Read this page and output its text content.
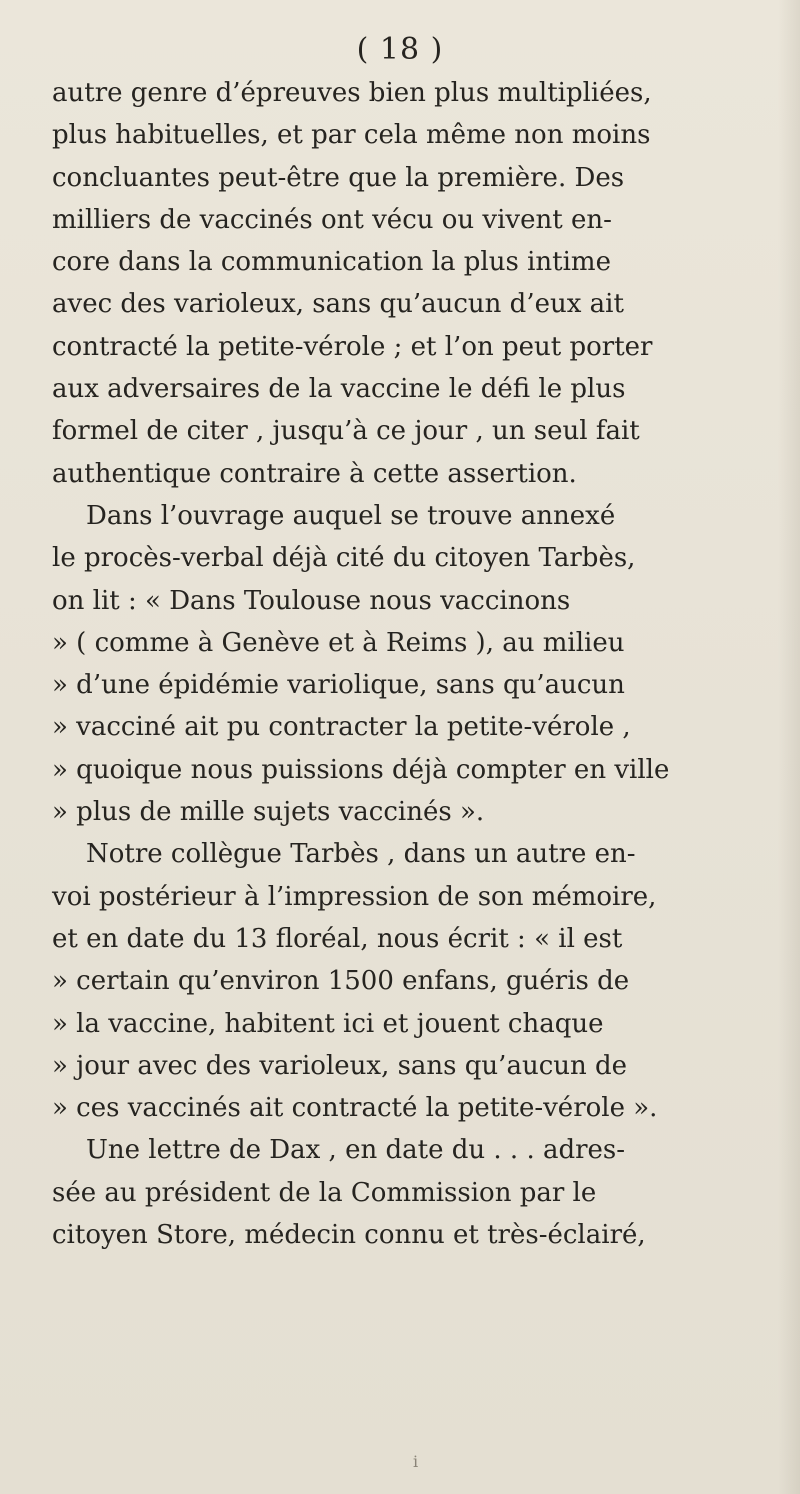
( 18 )
autre genre d’épreuves bien plus multipliées,
plus habituelles, et par cela même non moins
concluantes peut-être que la première. Des
milliers de vaccinés ont vécu ou vivent en-
core dans la communication la plus intime
avec des varioleux, sans qu’aucun d’eux ait
contracté la petite-vérole ; et l’on peut porter
aux adversaires de la vaccine le défi le plus
formel de citer , jusqu’à ce jour , un seul fait
authentique contraire à cette assertion.
Dans l’ouvrage auquel se trouve annexé
le procès-verbal déjà cité du citoyen Tarbès,
on lit : « Dans Toulouse nous vaccinons
» ( comme à Genève et à Reims ), au milieu
» d’une épidémie variolique, sans qu’aucun
» vacciné ait pu contracter la petite-vérole ,
» quoique nous puissions déjà compter en ville
» plus de mille sujets vaccinés ».
Notre collègue Tarbès , dans un autre en-
voi postérieur à l’impression de son mémoire,
et en date du 13 floréal, nous écrit : « il est
» certain qu’environ 1500 enfans, guéris de
» la vaccine, habitent ici et jouent chaque
» jour avec des varioleux, sans qu’aucun de
» ces vaccinés ait contracté la petite-vérole ».
Une lettre de Dax , en date du . . . adres-
sée au président de la Commission par le
citoyen Store, médecin connu et très-éclairé,
i
